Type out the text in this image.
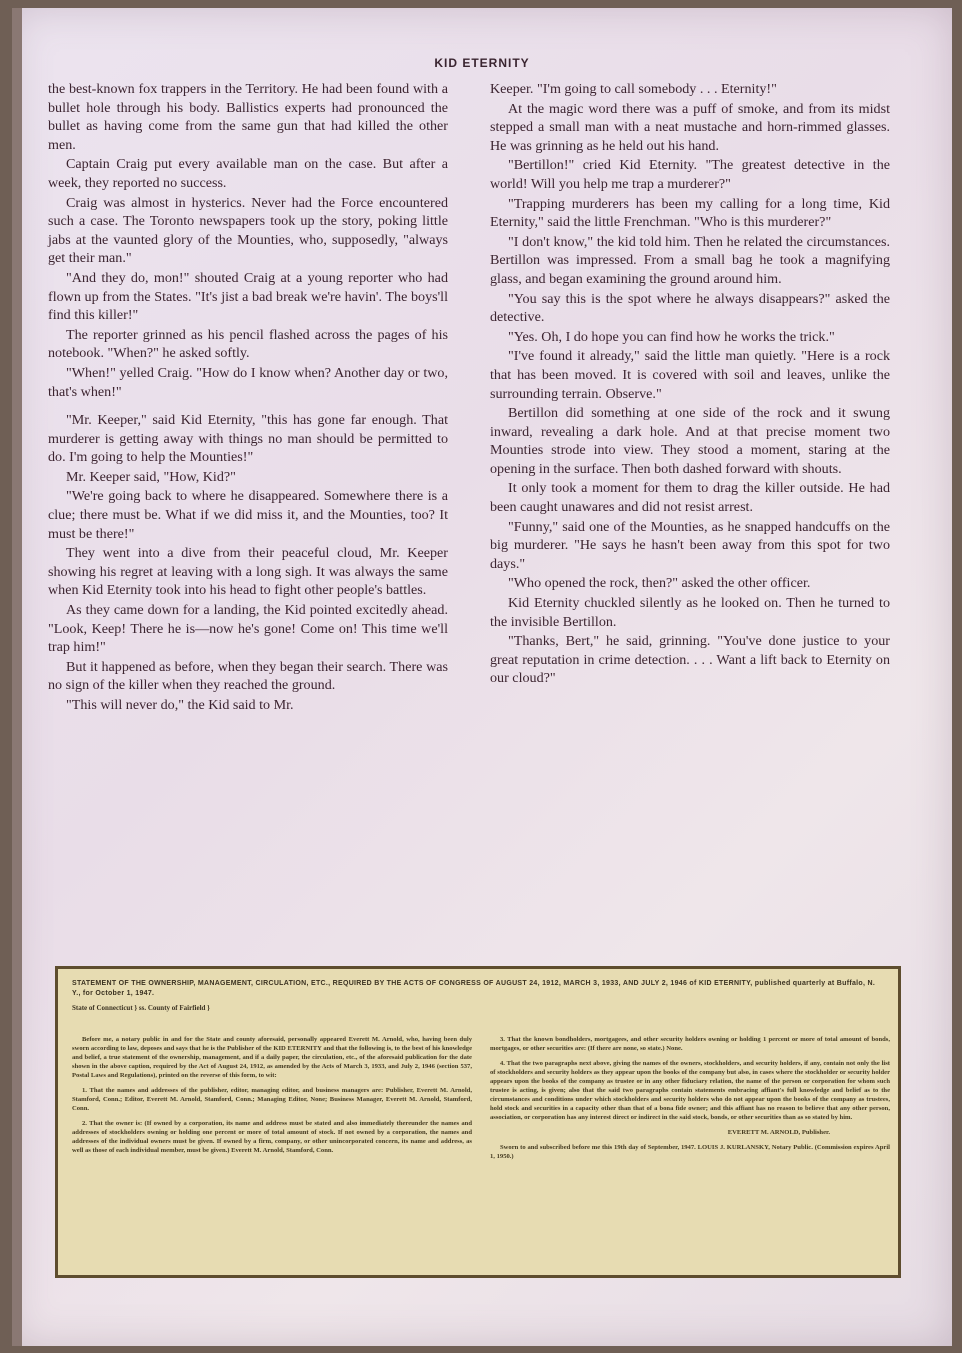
KID ETERNITY

the best-known fox trappers in the Territory. He had been found with a bullet hole through his body. Ballistics experts had pronounced the bullet as having come from the same gun that had killed the other men.

Captain Craig put every available man on the case. But after a week, they reported no success.

Craig was almost in hysterics. Never had the Force encountered such a case. The Toronto newspapers took up the story, poking little jabs at the vaunted glory of the Mounties, who, supposedly, "always get their man."

"And they do, mon!" shouted Craig at a young reporter who had flown up from the States. "It's jist a bad break we're havin'. The boys'll find this killer!"

The reporter grinned as his pencil flashed across the pages of his notebook. "When?" he asked softly.

"When!" yelled Craig. "How do I know when? Another day or two, that's when!"

"Mr. Keeper," said Kid Eternity, "this has gone far enough. That murderer is getting away with things no man should be permitted to do. I'm going to help the Mounties!"

Mr. Keeper said, "How, Kid?"

"We're going back to where he disappeared. Somewhere there is a clue; there must be. What if we did miss it, and the Mounties, too? It must be there!"

They went into a dive from their peaceful cloud, Mr. Keeper showing his regret at leaving with a long sigh. It was always the same when Kid Eternity took into his head to fight other people's battles.

As they came down for a landing, the Kid pointed excitedly ahead. "Look, Keep! There he is—now he's gone! Come on! This time we'll trap him!"

But it happened as before, when they began their search. There was no sign of the killer when they reached the ground.

"This will never do," the Kid said to Mr.

Keeper. "I'm going to call somebody . . . Eternity!"

At the magic word there was a puff of smoke, and from its midst stepped a small man with a neat mustache and horn-rimmed glasses. He was grinning as he held out his hand.

"Bertillon!" cried Kid Eternity. "The greatest detective in the world! Will you help me trap a murderer?"

"Trapping murderers has been my calling for a long time, Kid Eternity," said the little Frenchman. "Who is this murderer?"

"I don't know," the kid told him. Then he related the circumstances. Bertillon was impressed. From a small bag he took a magnifying glass, and began examining the ground around him.

"You say this is the spot where he always disappears?" asked the detective.

"Yes. Oh, I do hope you can find how he works the trick."

"I've found it already," said the little man quietly. "Here is a rock that has been moved. It is covered with soil and leaves, unlike the surrounding terrain. Observe."

Bertillon did something at one side of the rock and it swung inward, revealing a dark hole. And at that precise moment two Mounties strode into view. They stood a moment, staring at the opening in the surface. Then both dashed forward with shouts.

It only took a moment for them to drag the killer outside. He had been caught unawares and did not resist arrest.

"Funny," said one of the Mounties, as he snapped handcuffs on the big murderer. "He says he hasn't been away from this spot for two days."

"Who opened the rock, then?" asked the other officer.

Kid Eternity chuckled silently as he looked on. Then he turned to the invisible Bertillon.

"Thanks, Bert," he said, grinning. "You've done justice to your great reputation in crime detection. . . . Want a lift back to Eternity on our cloud?"

STATEMENT OF THE OWNERSHIP, MANAGEMENT, CIRCULATION, ETC., REQUIRED BY THE ACTS OF CONGRESS OF AUGUST 24, 1912, MARCH 3, 1933, AND JULY 2, 1946 of KID ETERNITY, published quarterly at Buffalo, N. Y., for October 1, 1947.
State of Connecticut } ss. County of Fairfield }

Before me, a notary public in and for the State and county aforesaid, personally appeared Everett M. Arnold, who, having been duly sworn according to law, deposes and says that he is the Publisher of the KID ETERNITY and that the following is, to the best of his knowledge and belief, a true statement of the ownership, management, and if a daily paper, the circulation, etc., of the aforesaid publication for the date shown in the above caption, required by the Act of August 24, 1912, as amended by the Acts of March 3, 1933, and July 2, 1946 (section 537, Postal Laws and Regulations), printed on the reverse of this form, to wit:

1. That the names and addresses of the publisher, editor, managing editor, and business managers are: Publisher, Everett M. Arnold, Stamford, Conn.; Editor, Everett M. Arnold, Stamford, Conn.; Managing Editor, None; Business Manager, Everett M. Arnold, Stamford, Conn.

2. That the owner is: (If owned by a corporation, its name and address must be stated and also immediately thereunder the names and addresses of stockholders owning or holding one percent or more of total amount of stock. If not owned by a corporation, the names and addresses of the individual owners must be given. If owned by a firm, company, or other unincorporated concern, its name and address, as well as those of each individual member, must be given.) Everett M. Arnold, Stamford, Conn.

3. That the known bondholders, mortgagees, and other security holders owning or holding 1 percent or more of total amount of bonds, mortgages, or other securities are: (If there are none, so state.) None.

4. That the two paragraphs next above, giving the names of the owners, stockholders, and security holders, if any, contain not only the list of stockholders and security holders as they appear upon the books of the company but also, in cases where the stockholder or security holder appears upon the books of the company as trustee or in any other fiduciary relation, the name of the person or corporation for whom such trustee is acting, is given; also that the said two paragraphs contain statements embracing affiant's full knowledge and belief as to the circumstances and conditions under which stockholders and security holders who do not appear upon the books of the company as trustees, hold stock and securities in a capacity other than that of a bona fide owner; and this affiant has no reason to believe that any other person, association, or corporation has any interest direct or indirect in the said stock, bonds, or other securities than as so stated by him.

EVERETT M. ARNOLD, Publisher.

Sworn to and subscribed before me this 19th day of September, 1947. LOUIS J. KURLANSKY, Notary Public. (Commission expires April 1, 1950.)
